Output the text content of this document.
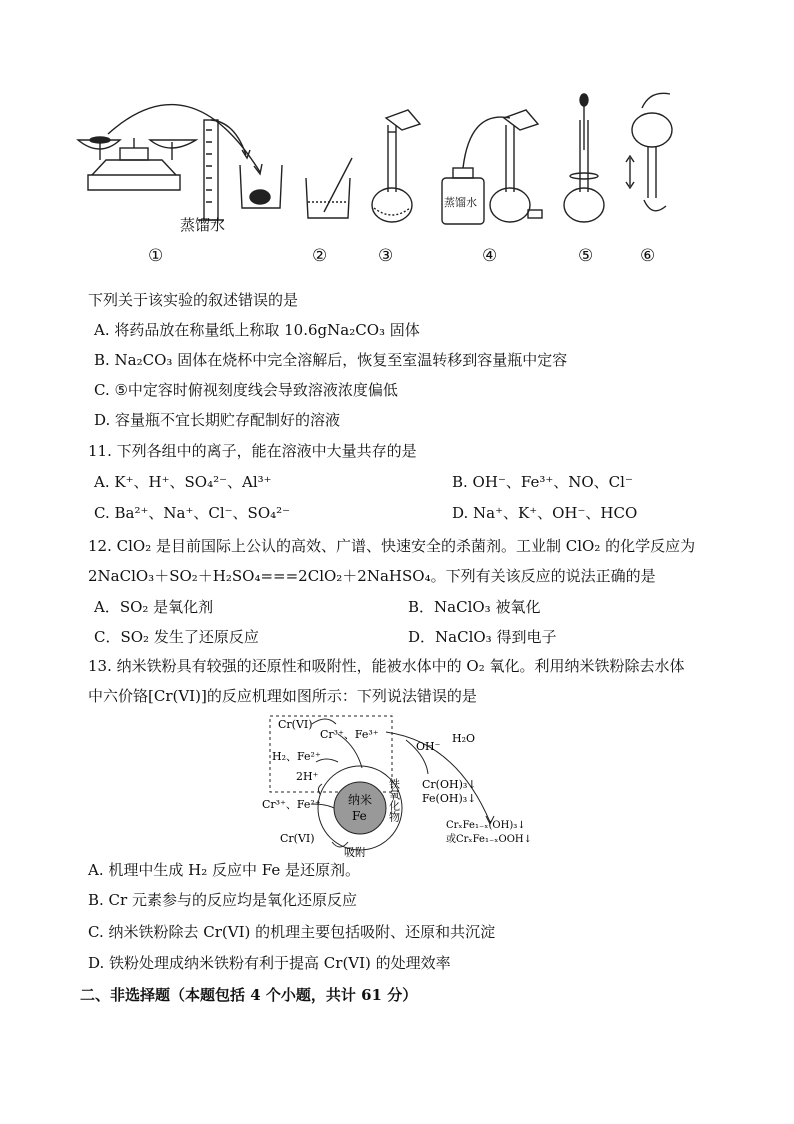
蒸馏水
蒸馏水
①	②	③	④	⑤	⑥
下列关于该实验的叙述错误的是
A. 将药品放在称量纸上称取 10.6gNa₂CO₃ 固体
B. Na₂CO₃ 固体在烧杯中完全溶解后，恢复至室温转移到容量瓶中定容
C. ⑤中定容时俯视刻度线会导致溶液浓度偏低
D. 容量瓶不宜长期贮存配制好的溶液
11. 下列各组中的离子，能在溶液中大量共存的是
A. K⁺、H⁺、SO₄²⁻、Al³⁺	B. OH⁻、Fe³⁺、NO、Cl⁻
C. Ba²⁺、Na⁺、Cl⁻、SO₄²⁻	D. Na⁺、K⁺、OH⁻、HCO
12. ClO₂ 是目前国际上公认的高效、广谱、快速安全的杀菌剂。工业制 ClO₂ 的化学反应为
2NaClO₃＋SO₂＋H₂SO₄===2ClO₂＋2NaHSO₄。下列有关该反应的说法正确的是
A．SO₂ 是氧化剂	B．NaClO₃ 被氧化
C．SO₂ 发生了还原反应	D．NaClO₃ 得到电子
13. 纳米铁粉具有较强的还原性和吸附性，能被水体中的 O₂ 氧化。利用纳米铁粉除去水体
中六价铬[Cr(VI)]的反应机理如图所示：下列说法错误的是
Cr(VI)
Cr³⁺、Fe³⁺
H₂、Fe²⁺
2H⁺
OH⁻
H₂O
Cr³⁺、Fe²⁺ 纳米
Fe 铁氧化物
Cr(VI)
吸附
Cr(OH)₃↓
Fe(OH)₃↓
CrₓFe₁₋ₓ(OH)₃↓
或CrₓFe₁₋ₓOOH↓
A. 机理中生成 H₂ 反应中 Fe 是还原剂。
B. Cr 元素参与的反应均是氧化还原反应
C. 纳米铁粉除去 Cr(VI) 的机理主要包括吸附、还原和共沉淀
D. 铁粉处理成纳米铁粉有利于提高 Cr(VI) 的处理效率
二、非选择题（本题包括 4 个小题，共计 61 分）
